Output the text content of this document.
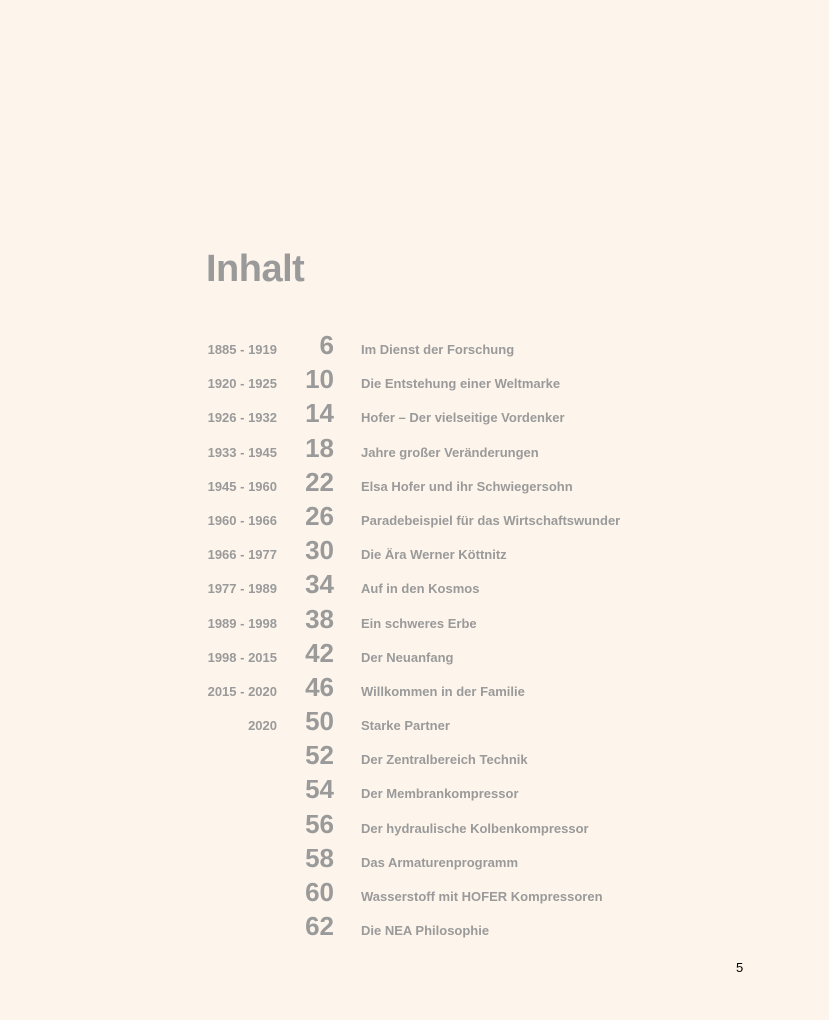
Inhalt
1885 - 1919	6 Im Dienst der Forschung
1920 - 1925	10 Die Entstehung einer Weltmarke
1926 - 1932	14 Hofer – Der vielseitige Vordenker
1933 - 1945	18 Jahre großer Veränderungen
1945 - 1960	22 Elsa Hofer und ihr Schwiegersohn
1960 - 1966	26 Paradebeispiel für das Wirtschaftswunder
1966 - 1977	30 Die Ära Werner Köttnitz
1977 - 1989	34 Auf in den Kosmos
1989 - 1998	38 Ein schweres Erbe
1998 - 2015	42 Der Neuanfang
2015 - 2020	46 Willkommen in der Familie
2020	50 Starke Partner
52 Der Zentralbereich Technik
54 Der Membrankompressor
56 Der hydraulische Kolbenkompressor
58 Das Armaturenprogramm
60 Wasserstoff mit HOFER Kompressoren
62 Die NEA Philosophie
5
